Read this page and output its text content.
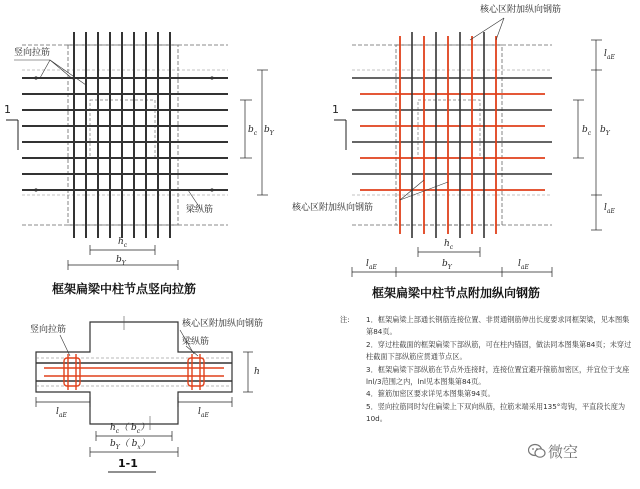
竖向拉筋
梁纵筋
1
$b_c$ $b_Y$
$h_c$
$b_Y$
框架扁梁中柱节点竖向拉筋
核心区附加纵向钢筋
核心区附加纵向钢筋
1
$l_{aE}$
$b_c$ $b_Y$
$l_{aE}$
$h_c$
$l_{aE}$	$b_Y$	$l_{aE}$
框架扁梁中柱节点附加纵向钢筋
竖向拉筋
核心区附加纵向钢筋
梁纵筋
h
$l_{aE}$	$l_{aE}$
$h_c$（ $b_c$）
$b_Y$（ $b_x$）
1-1
注: 1．框架扁梁上部通长钢筋连接位置、非贯通钢筋伸出长度要求同框架梁，见本图集第84页。
2．穿过柱截面的框架扁梁下部纵筋，可在柱内锚固，做法同本图集第84页；未穿过柱截面下部纵筋应贯通节点区。
3．框架扁梁下部纵筋在节点外连接时，连接位置宜避开箍筋加密区，并宜位于支座lnl/3范围之内，lnl见本图集第84页。
4．箍筋加密区要求详见本图集第94页。
5．竖向拉筋同时勾住扁梁上下双向纵筋，拉筋末端采用135°弯钩，平直段长度为10d。
微空
